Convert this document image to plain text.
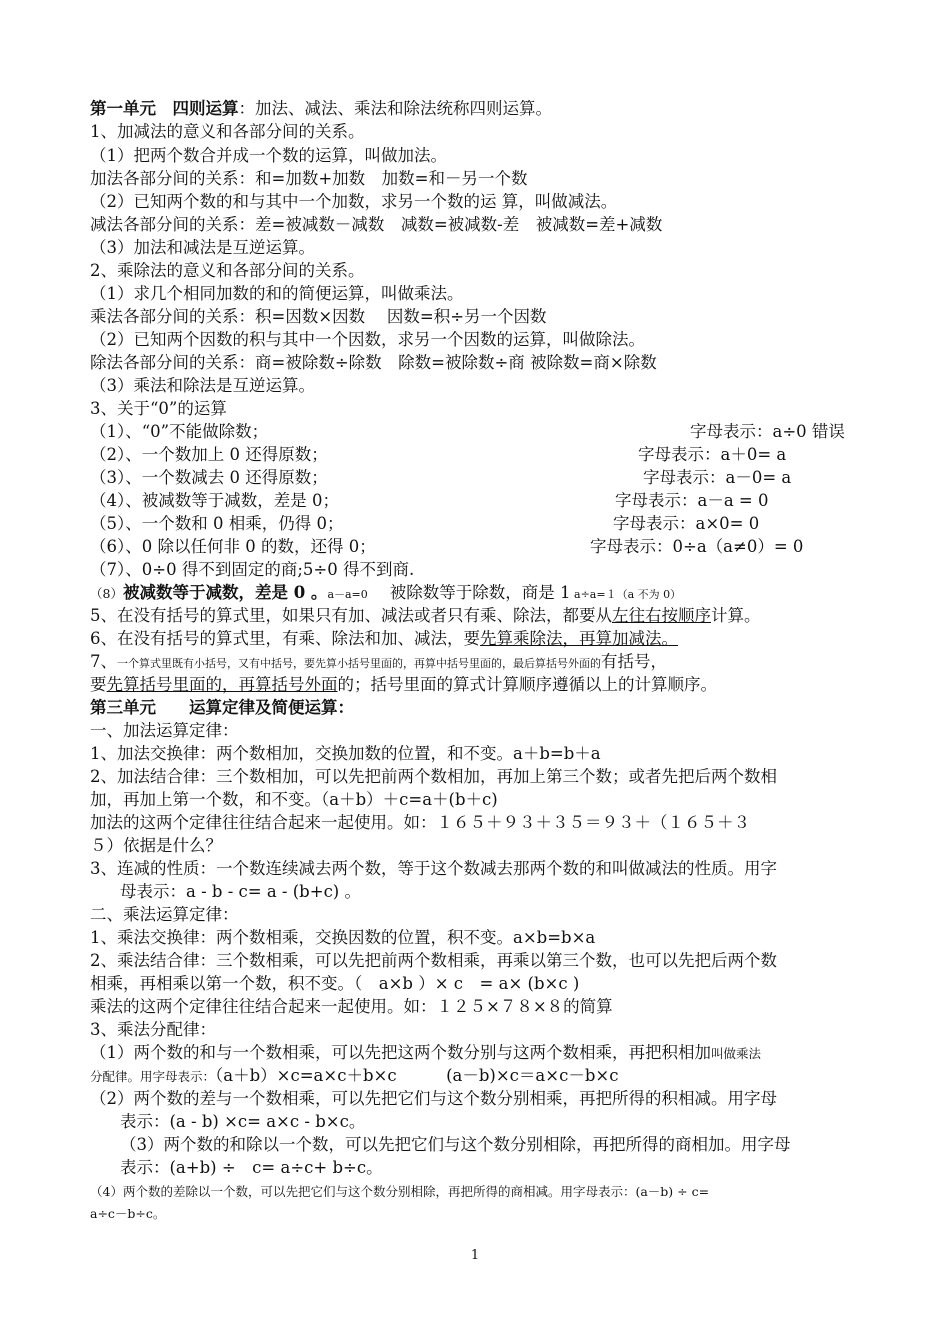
第一单元　四则运算：加法、减法、乘法和除法统称四则运算。
1、加减法的意义和各部分间的关系。
（1）把两个数合并成一个数的运算，叫做加法。
加法各部分间的关系：和=加数+加数　加数=和－另一个数
（2）已知两个数的和与其中一个加数，求另一个数的运 算，叫做减法。
减法各部分间的关系：差=被减数－减数　减数=被减数-差　被减数=差+减数
（3）加法和减法是互逆运算。
2、乘除法的意义和各部分间的关系。
（1）求几个相同加数的和的简便运算，叫做乘法。
乘法各部分间的关系：积=因数×因数　 因数=积÷另一个因数
（2）已知两个因数的积与其中一个因数，求另一个因数的运算，叫做除法。
除法各部分间的关系：商=被除数÷除数　除数=被除数÷商 被除数=商×除数
（3）乘法和除法是互逆运算。
3、关于“0”的运算
（1）、“0”不能做除数；	字母表示：a÷0 错误
（2）、一个数加上 0 还得原数；	字母表示：a＋0= a
（3）、一个数减去 0 还得原数；	字母表示：a－0= a
（4）、被减数等于减数，差是 0；	字母表示：a－a = 0
（5）、一个数和 0 相乘，仍得 0；	字母表示：a×0= 0
（6）、0 除以任何非 0 的数，还得 0；	字母表示：0÷a（a≠0）= 0
（7）、0÷0 得不到固定的商;5÷0 得不到商.
（8）被减数等于减数，差是 0 。a－a=0　　被除数等于除数，商是 1 a÷a=１（a 不为 0）
5、在没有括号的算式里，如果只有加、减法或者只有乘、除法，都要从左往右按顺序计算。
6、在没有括号的算式里，有乘、除法和加、减法，要先算乘除法，再算加减法。
7、一个算式里既有小括号，又有中括号，要先算小括号里面的，再算中括号里面的，最后算括号外面的有括号，
要先算括号里面的，再算括号外面的；括号里面的算式计算顺序遵循以上的计算顺序。
第三单元　　运算定律及简便运算：
一、加法运算定律：
1、加法交换律：两个数相加，交换加数的位置，和不变。a＋b=b＋a
2、加法结合律：三个数相加，可以先把前两个数相加，再加上第三个数；或者先把后两个数相
加，再加上第一个数，和不变。（a＋b）＋c=a＋(b＋c)
加法的这两个定律往往结合起来一起使用。如：１６５＋９３＋３５＝９３＋（１６５＋３
５）依据是什么？
3、连减的性质：一个数连续减去两个数，等于这个数减去那两个数的和叫做减法的性质。用字
母表示：a - b - c= a - (b+c) 。
二、乘法运算定律：
1、乘法交换律：两个数相乘，交换因数的位置，积不变。a×b=b×a
2、乘法结合律：三个数相乘，可以先把前两个数相乘，再乘以第三个数，也可以先把后两个数
相乘，再相乘以第一个数，积不变。（　a×b ）× c　= a× (b×c )
乘法的这两个定律往往结合起来一起使用。如：１２５×７８×８的简算
3、乘法分配律：
（1）两个数的和与一个数相乘，可以先把这两个数分别与这两个数相乘，再把积相加叫做乘法
分配律。用字母表示：（a＋b）×c=a×c＋b×c　　　(a－b)×c＝a×c－b×c
（2）两个数的差与一个数相乘，可以先把它们与这个数分别相乘，再把所得的积相减。用字母
表示：(a - b) ×c= a×c - b×c。
（3）两个数的和除以一个数，可以先把它们与这个数分别相除，再把所得的商相加。用字母
表示：(a+b) ÷　c= a÷c+ b÷c。
（4）两个数的差除以一个数，可以先把它们与这个数分别相除，再把所得的商相减。用字母表示：(a－b) ÷ c=
a÷c－b÷c。
1
